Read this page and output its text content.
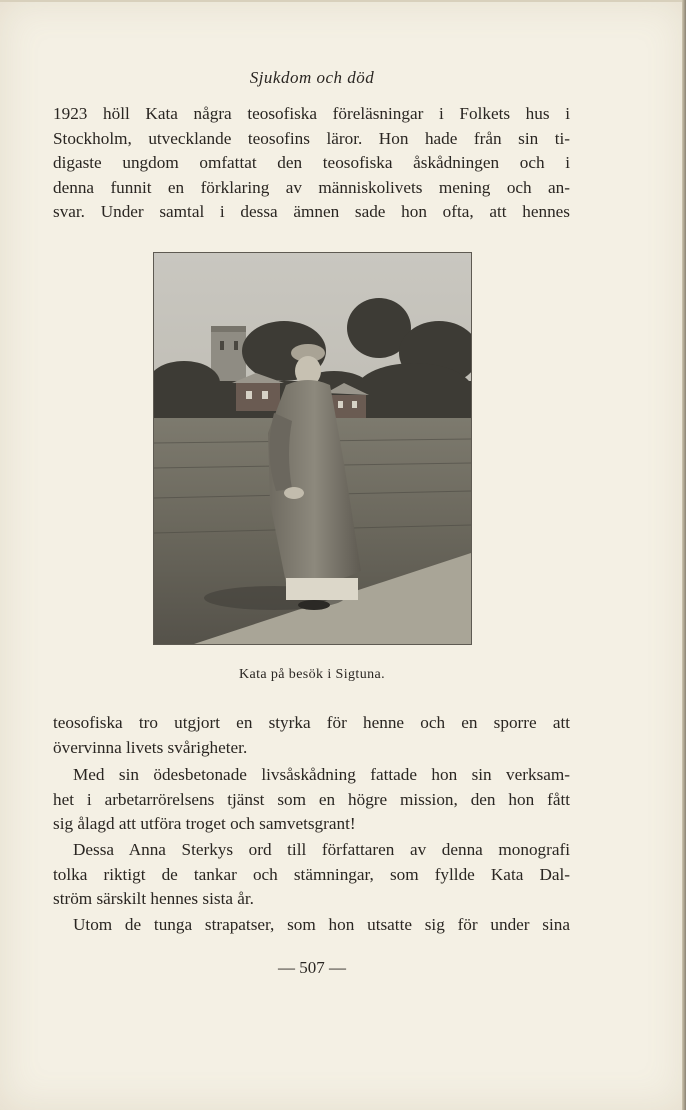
Sjukdom och död
1923 höll Kata några teosofiska föreläsningar i Folkets hus i
Stockholm, utvecklande teosofins läror. Hon hade från sin ti-
digaste ungdom omfattat den teosofiska åskådningen och i
denna funnit en förklaring av människolivets mening och an-
svar. Under samtal i dessa ämnen sade hon ofta, att hennes
Kata på besök i Sigtuna.
teosofiska tro utgjort en styrka för henne och en sporre att
övervinna livets svårigheter.
Med sin ödesbetonade livsåskådning fattade hon sin verksam-
het i arbetarrörelsens tjänst som en högre mission, den hon fått
sig ålagd att utföra troget och samvetsgrant!
Dessa Anna Sterkys ord till författaren av denna monografi
tolka riktigt de tankar och stämningar, som fyllde Kata Dal-
ström särskilt hennes sista år.
Utom de tunga strapatser, som hon utsatte sig för under sina
— 507 —
